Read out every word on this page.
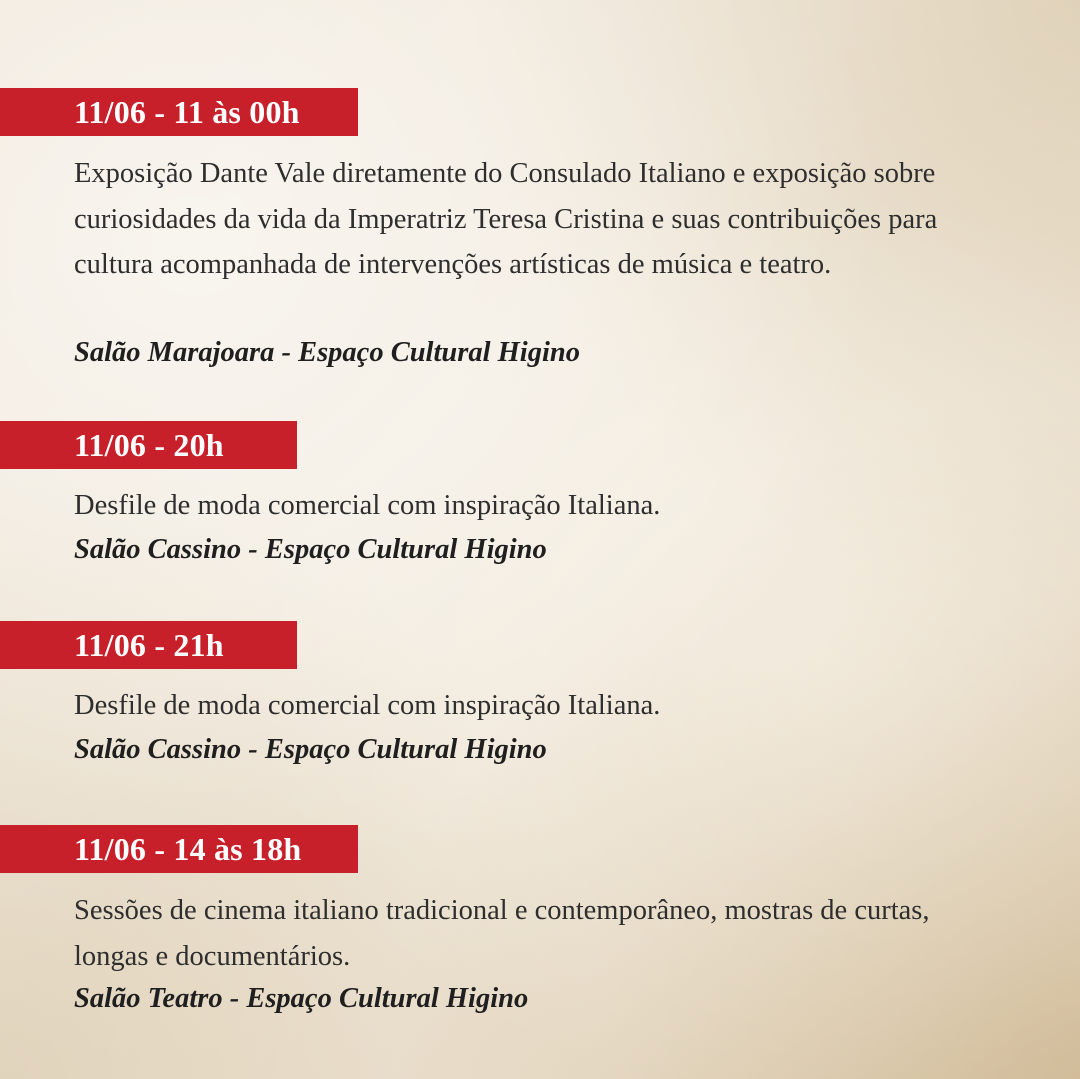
11/06 - 11 às 00h
Exposição Dante Vale diretamente do Consulado Italiano e exposição sobre curiosidades da vida da Imperatriz Teresa Cristina e suas contribuições para cultura acompanhada de intervenções artísticas de música e teatro.
Salão Marajoara - Espaço Cultural Higino
11/06 - 20h
Desfile de moda comercial com inspiração Italiana.
Salão Cassino - Espaço Cultural Higino
11/06 - 21h
Desfile de moda comercial com inspiração Italiana.
Salão Cassino - Espaço Cultural Higino
11/06 - 14 às 18h
Sessões de cinema italiano tradicional e contemporâneo, mostras de curtas, longas e documentários.
Salão Teatro - Espaço Cultural Higino
